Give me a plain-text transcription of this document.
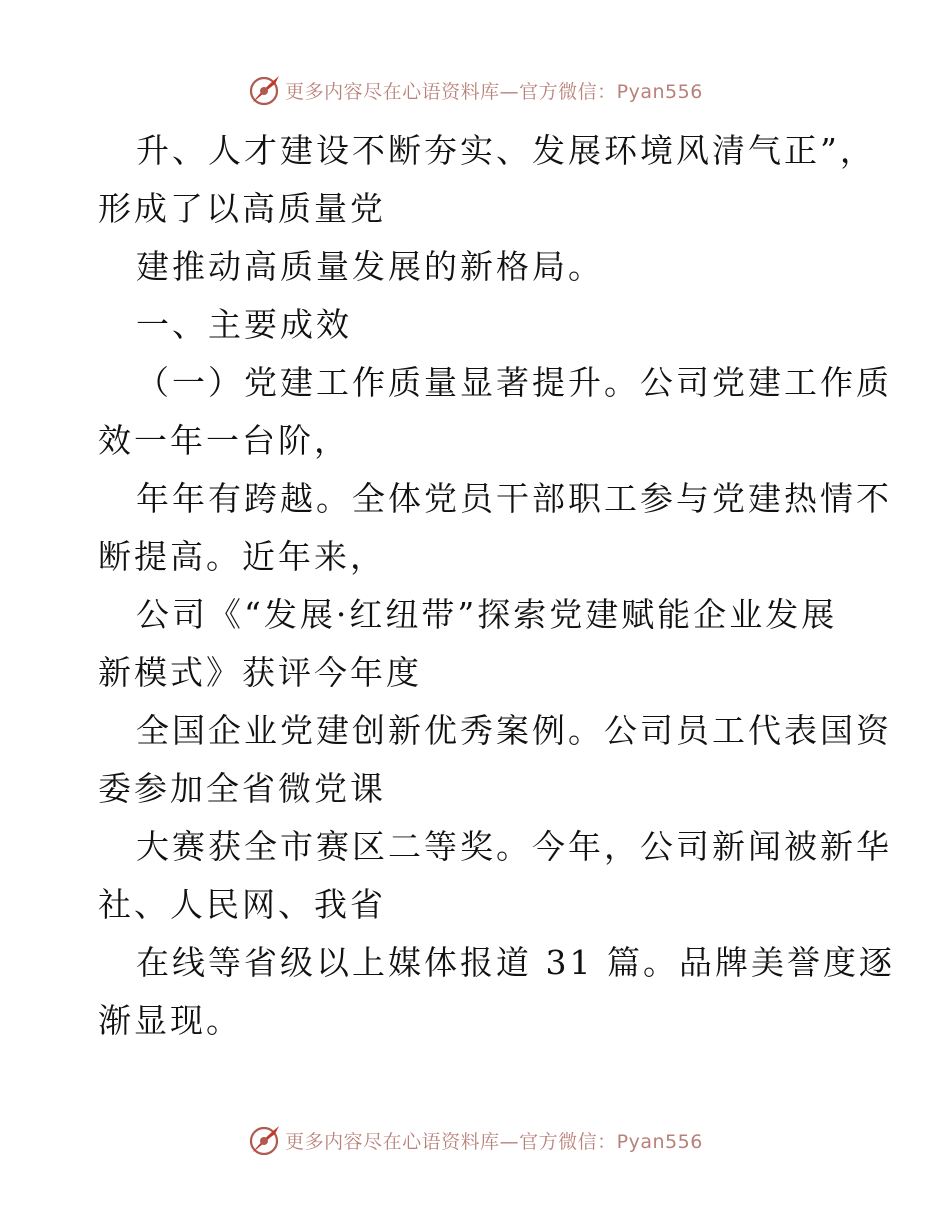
更多内容尽在心语资料库—官方微信：Pyan556
升、人才建设不断夯实、发展环境风清气正”，
形成了以高质量党
建推动高质量发展的新格局。
一、主要成效
（一）党建工作质量显著提升。公司党建工作质
效一年一台阶，
年年有跨越。全体党员干部职工参与党建热情不
断提高。近年来，
公司《“发展·红纽带”探索党建赋能企业发展
新模式》获评今年度
全国企业党建创新优秀案例。公司员工代表国资
委参加全省微党课
大赛获全市赛区二等奖。今年，公司新闻被新华
社、人民网、我省
在线等省级以上媒体报道 31 篇。品牌美誉度逐
渐显现。
更多内容尽在心语资料库—官方微信：Pyan556
